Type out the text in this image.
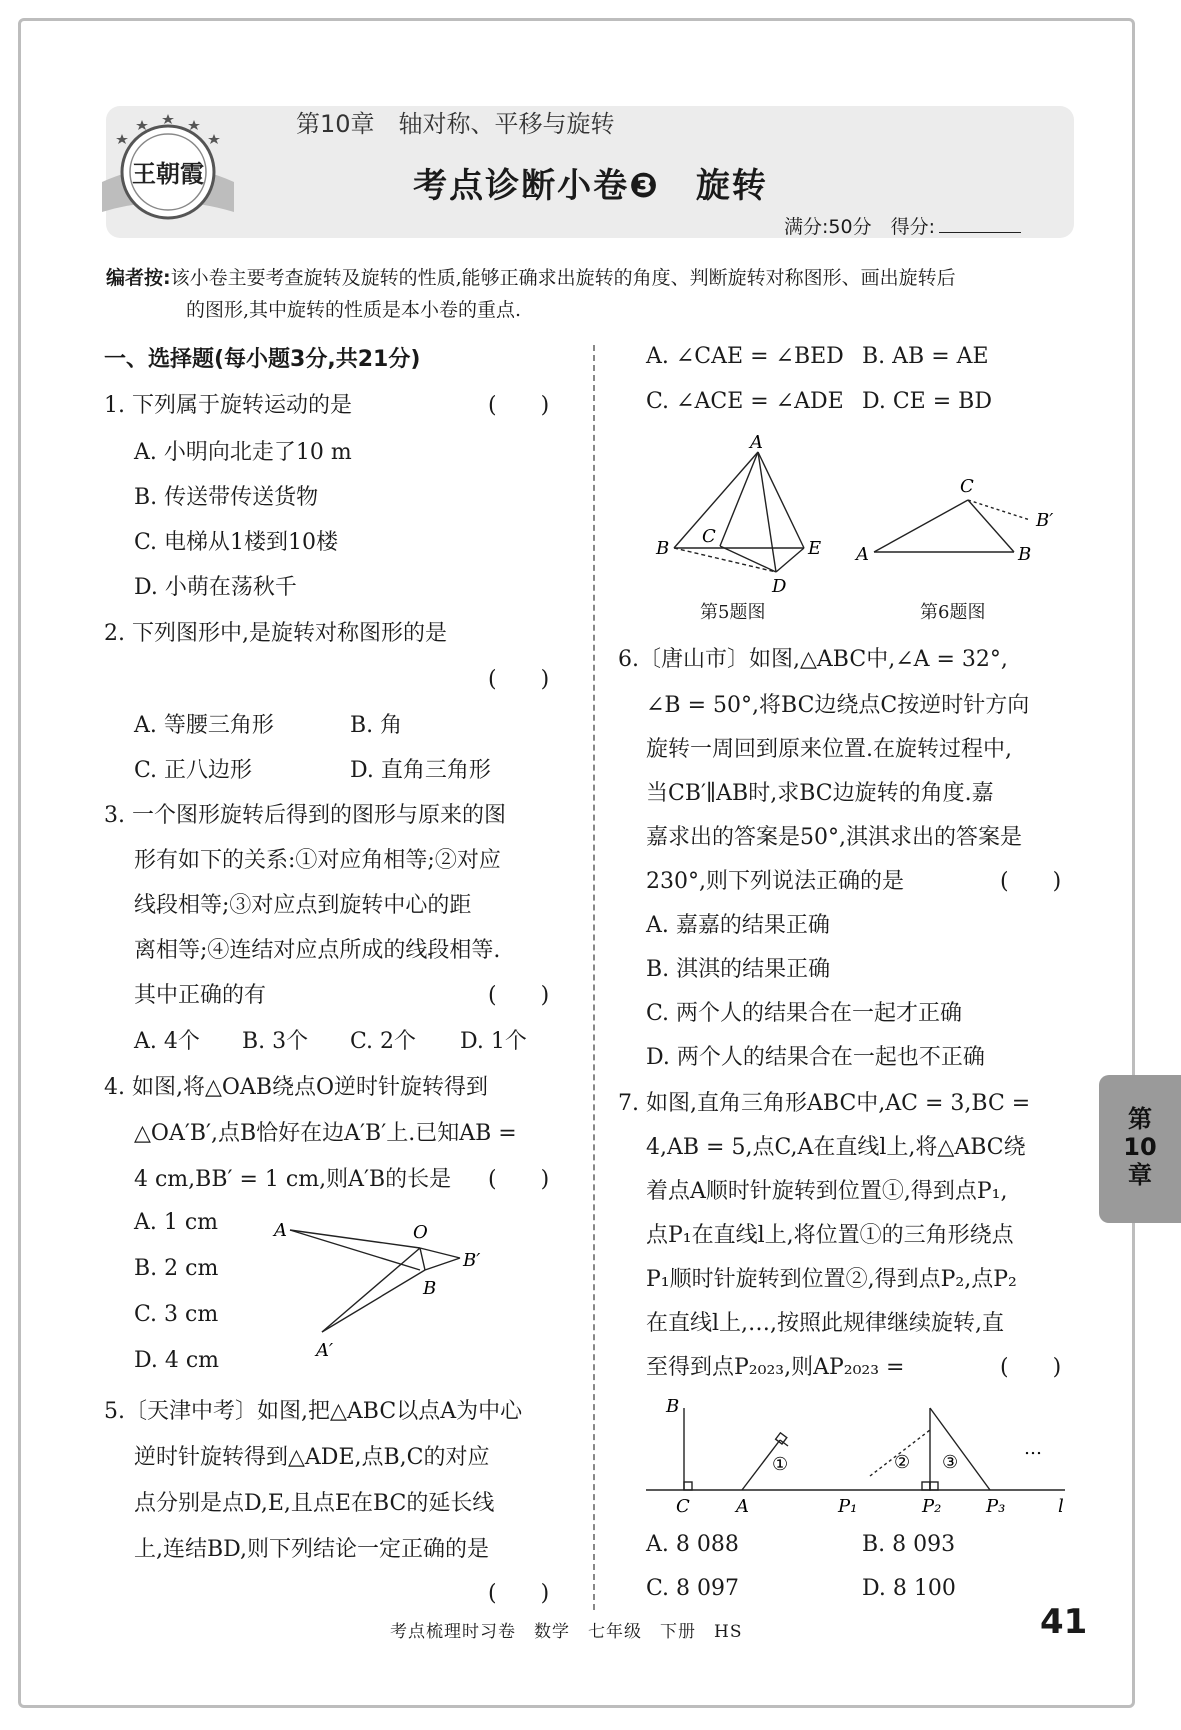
王朝霞
第10章　轴对称、平移与旋转
考点诊断小卷❸　旋转
满分:50分　得分:
编者按:该小卷主要考查旋转及旋转的性质,能够正确求出旋转的角度、判断旋转对称图形、画出旋转后
的图形,其中旋转的性质是本小卷的重点.
一、选择题(每小题3分,共21分)
1. 下列属于旋转运动的是	(　　)
A. 小明向北走了10 m
B. 传送带传送货物
C. 电梯从1楼到10楼
D. 小萌在荡秋千
2. 下列图形中,是旋转对称图形的是
(　　)
A. 等腰三角形	B. 角
C. 正八边形	D. 直角三角形
3. 一个图形旋转后得到的图形与原来的图
形有如下的关系:①对应角相等;②对应
线段相等;③对应点到旋转中心的距
离相等;④连结对应点所成的线段相等.
其中正确的有	(　　)
A. 4个 B. 3个 C. 2个 D. 1个
4. 如图,将△OAB绕点O逆时针旋转得到
△OA′B′,点B恰好在边A′B′上.已知AB =
4 cm,BB′ = 1 cm,则A′B的长是 (　　)
A. 1 cm
B. 2 cm
C. 3 cm
D. 4 cm
A	O
B′
B
A′
5.〔天津中考〕如图,把△ABC以点A为中心
逆时针旋转得到△ADE,点B,C的对应
点分别是点D,E,且点E在BC的延长线
上,连结BD,则下列结论一定正确的是
(　　)
A. ∠CAE = ∠BED B. AB = AE
C. ∠ACE = ∠ADE D. CE = BD
A
B
C
E
D
第5题图
A	B
C
B′
第6题图
6.〔唐山市〕如图,△ABC中,∠A = 32°,
∠B = 50°,将BC边绕点C按逆时针方向
旋转一周回到原来位置.在旋转过程中,
当CB′∥AB时,求BC边旋转的角度.嘉
嘉求出的答案是50°,淇淇求出的答案是
230°,则下列说法正确的是	(　　)
A. 嘉嘉的结果正确
B. 淇淇的结果正确
C. 两个人的结果合在一起才正确
D. 两个人的结果合在一起也不正确
7. 如图,直角三角形ABC中,AC = 3,BC =
4,AB = 5,点C,A在直线l上,将△ABC绕
着点A顺时针旋转到位置①,得到点P₁,
点P₁在直线l上,将位置①的三角形绕点
P₁顺时针旋转到位置②,得到点P₂,点P₂
在直线l上,…,按照此规律继续旋转,直
至得到点P₂₀₂₃,则AP₂₀₂₃ =	(　　)
B
C	A	P₁	P₂ P₃	l
①	② ③
…
A. 8 088	B. 8 093
C. 8 097	D. 8 100
第
10
章
考点梳理时习卷　数学　七年级　下册　HS	41
